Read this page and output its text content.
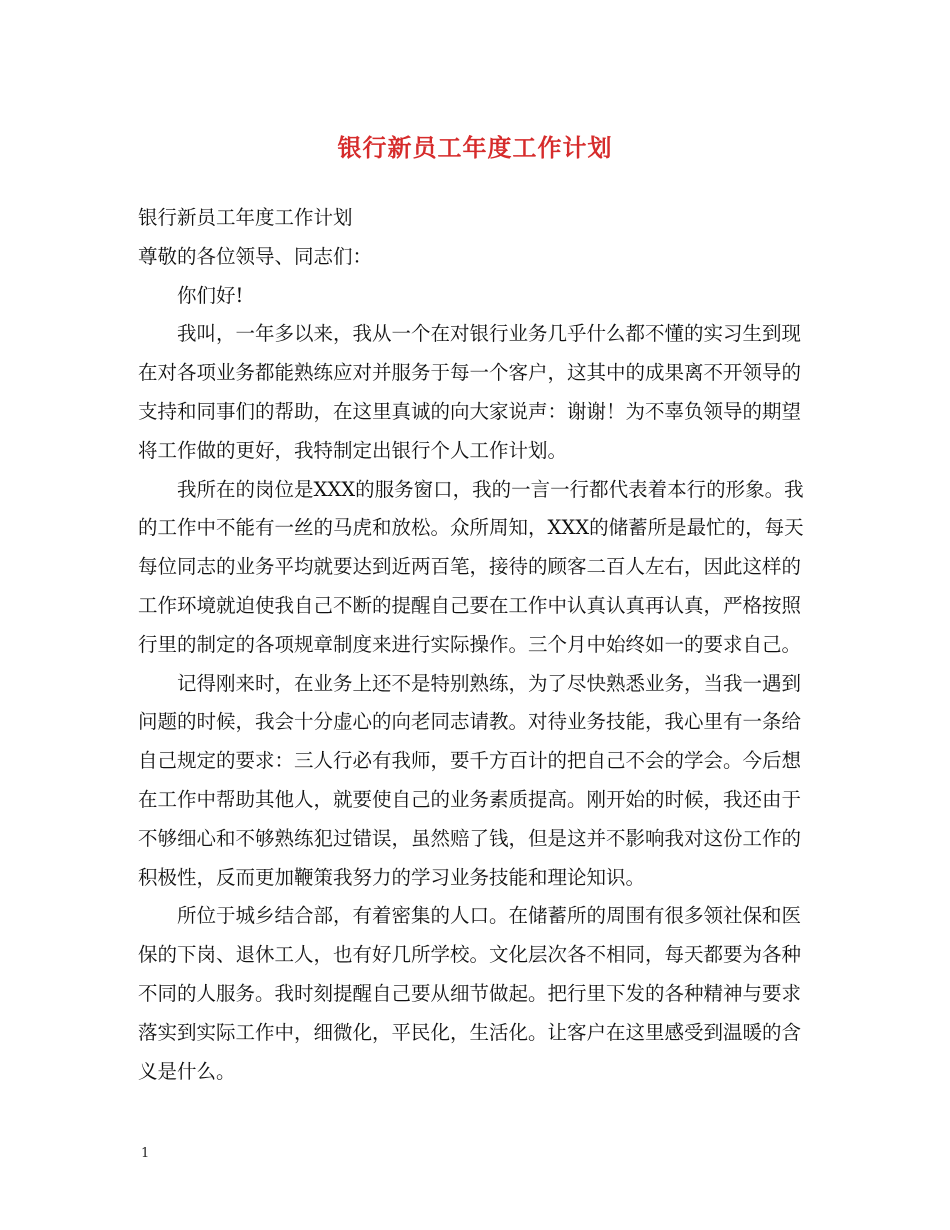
银行新员工年度工作计划

银行新员工年度工作计划

尊敬的各位领导、同志们：

你们好!

我叫，一年多以来，我从一个在对银行业务几乎什么都不懂的实习生到现在对各项业务都能熟练应对并服务于每一个客户，这其中的成果离不开领导的支持和同事们的帮助，在这里真诚的向大家说声：谢谢！为不辜负领导的期望将工作做的更好，我特制定出银行个人工作计划。

我所在的岗位是XXX的服务窗口，我的一言一行都代表着本行的形象。我的工作中不能有一丝的马虎和放松。众所周知，XXX的储蓄所是最忙的，每天每位同志的业务平均就要达到近两百笔，接待的顾客二百人左右，因此这样的工作环境就迫使我自己不断的提醒自己要在工作中认真认真再认真，严格按照行里的制定的各项规章制度来进行实际操作。三个月中始终如一的要求自己。

记得刚来时，在业务上还不是特别熟练，为了尽快熟悉业务，当我一遇到问题的时候，我会十分虚心的向老同志请教。对待业务技能，我心里有一条给自己规定的要求：三人行必有我师，要千方百计的把自己不会的学会。今后想在工作中帮助其他人，就要使自己的业务素质提高。刚开始的时候，我还由于不够细心和不够熟练犯过错误，虽然赔了钱，但是这并不影响我对这份工作的积极性，反而更加鞭策我努力的学习业务技能和理论知识。

所位于城乡结合部，有着密集的人口。在储蓄所的周围有很多领社保和医保的下岗、退休工人，也有好几所学校。文化层次各不相同，每天都要为各种不同的人服务。我时刻提醒自己要从细节做起。把行里下发的各种精神与要求落实到实际工作中，细微化，平民化，生活化。让客户在这里感受到温暖的含义是什么。

1
